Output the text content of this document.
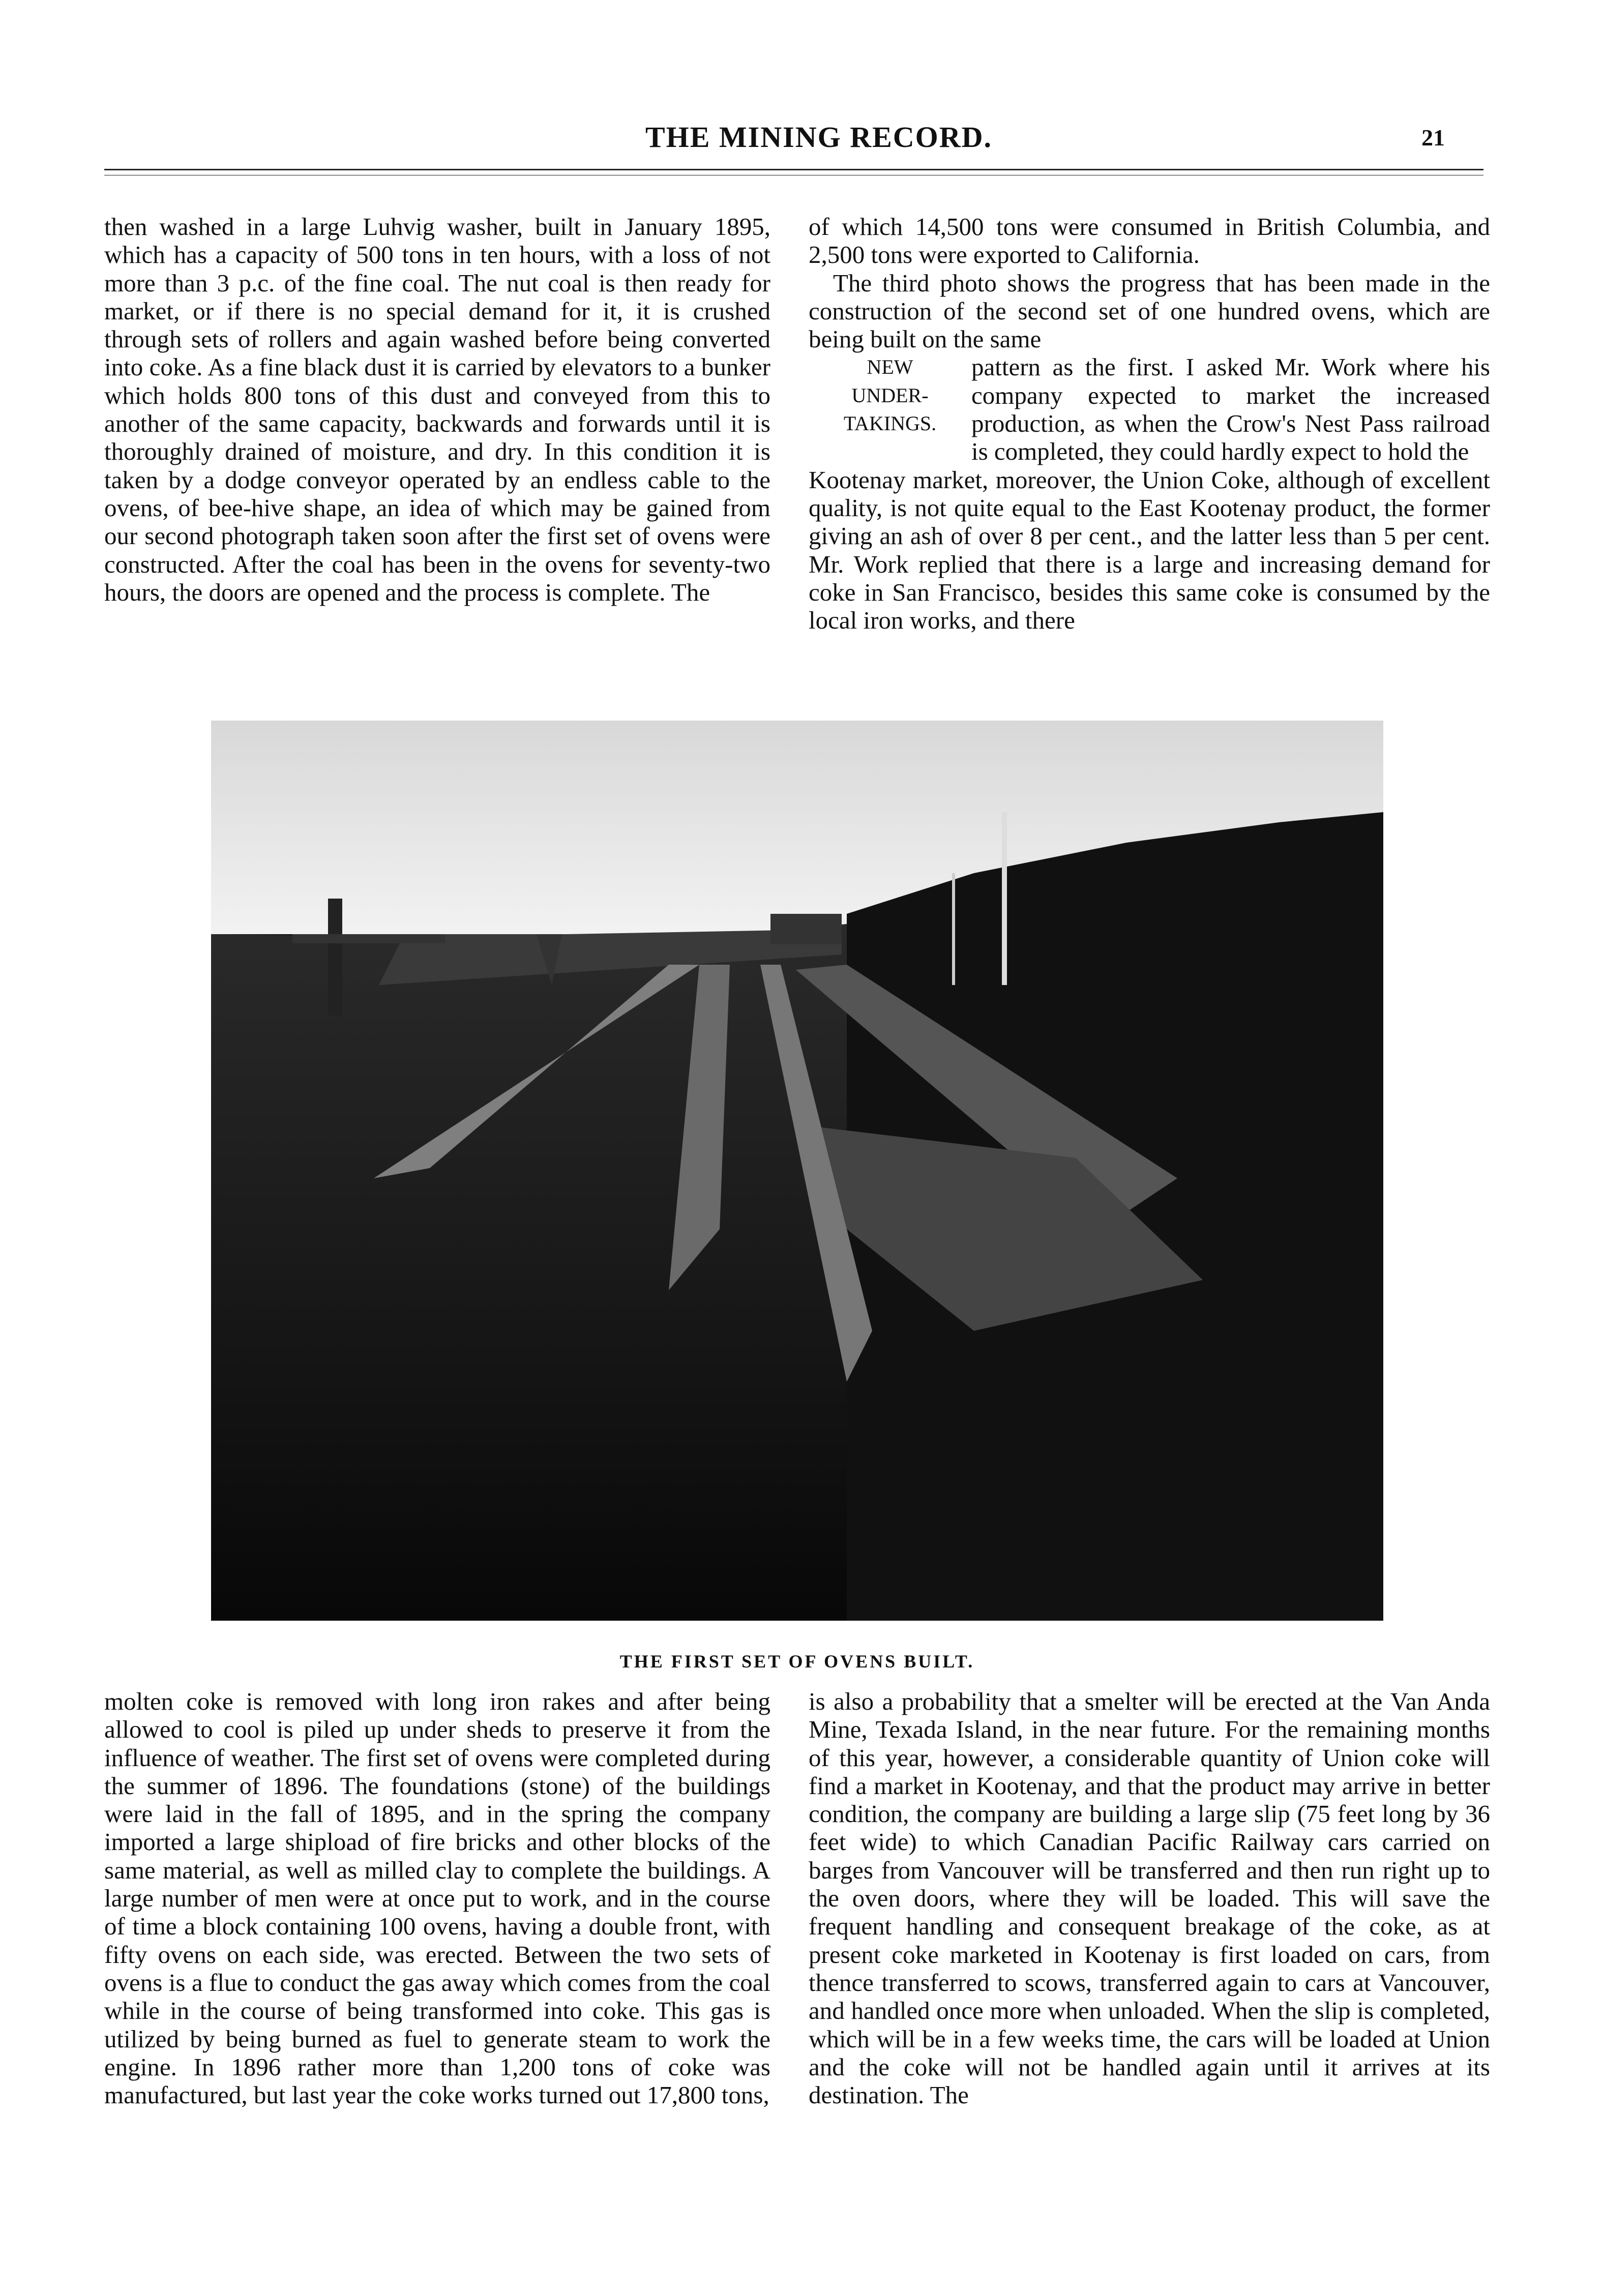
THE MINING RECORD.	21

then washed in a large Luhvig washer, built in January 1895, which has a capacity of 500 tons in ten hours, with a loss of not more than 3 p.c. of the fine coal. The nut coal is then ready for market, or if there is no special demand for it, it is crushed through sets of rollers and again washed before being converted into coke. As a fine black dust it is carried by elevators to a bunker which holds 800 tons of this dust and conveyed from this to another of the same capacity, backwards and forwards until it is thoroughly drained of moisture, and dry. In this condition it is taken by a dodge conveyor operated by an endless cable to the ovens, of bee-hive shape, an idea of which may be gained from our second photograph taken soon after the first set of ovens were constructed. After the coal has been in the ovens for seventy-two hours, the doors are opened and the process is complete. The

of which 14,500 tons were consumed in British Columbia, and 2,500 tons were exported to California.

The third photo shows the progress that has been made in the construction of the second set of one hundred ovens, which are being built on the same

NEW
UNDER-
TAKINGS.
pattern as the first. I asked Mr. Work where his company expected to market the increased production, as when the Crow's Nest Pass railroad is completed, they could hardly expect to hold the

Kootenay market, moreover, the Union Coke, although of excellent quality, is not quite equal to the East Kootenay product, the former giving an ash of over 8 per cent., and the latter less than 5 per cent. Mr. Work replied that there is a large and increasing demand for coke in San Francisco, besides this same coke is consumed by the local iron works, and there

THE FIRST SET OF OVENS BUILT.

molten coke is removed with long iron rakes and after being allowed to cool is piled up under sheds to preserve it from the influence of weather. The first set of ovens were completed during the summer of 1896. The foundations (stone) of the buildings were laid in the fall of 1895, and in the spring the company imported a large shipload of fire bricks and other blocks of the same material, as well as milled clay to complete the buildings. A large number of men were at once put to work, and in the course of time a block containing 100 ovens, having a double front, with fifty ovens on each side, was erected. Between the two sets of ovens is a flue to conduct the gas away which comes from the coal while in the course of being transformed into coke. This gas is utilized by being burned as fuel to generate steam to work the engine. In 1896 rather more than 1,200 tons of coke was manufactured, but last year the coke works turned out 17,800 tons,

is also a probability that a smelter will be erected at the Van Anda Mine, Texada Island, in the near future. For the remaining months of this year, however, a considerable quantity of Union coke will find a market in Kootenay, and that the product may arrive in better condition, the company are building a large slip (75 feet long by 36 feet wide) to which Canadian Pacific Railway cars carried on barges from Vancouver will be transferred and then run right up to the oven doors, where they will be loaded. This will save the frequent handling and consequent breakage of the coke, as at present coke marketed in Kootenay is first loaded on cars, from thence transferred to scows, transferred again to cars at Vancouver, and handled once more when unloaded. When the slip is completed, which will be in a few weeks time, the cars will be loaded at Union and the coke will not be handled again until it arrives at its destination. The
